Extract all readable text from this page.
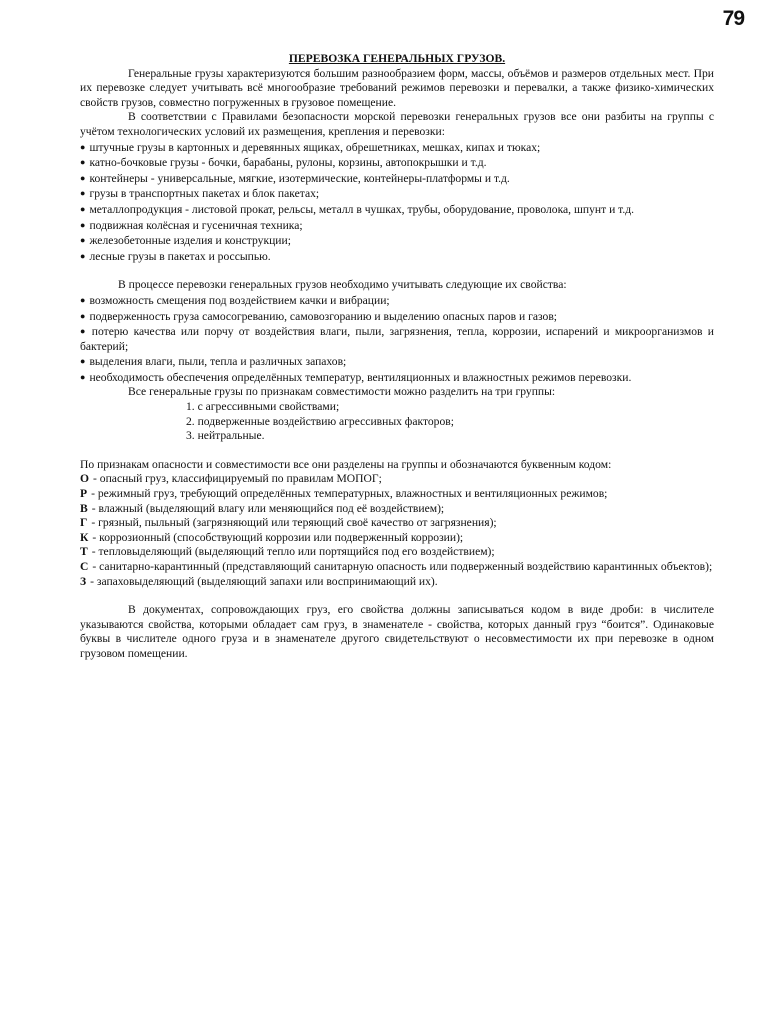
79

ПЕРЕВОЗКА ГЕНЕРАЛЬНЫХ ГРУЗОВ.

Генеральные грузы характеризуются большим разнообразием форм, массы, объёмов и размеров отдельных мест. При их перевозке следует учитывать всё многообразие требований режимов перевозки и перевалки, а также физико-химических свойств грузов, совместно погруженных в грузовое помещение.

В соответствии с Правилами безопасности морской перевозки генеральных грузов все они разбиты на группы с учётом технологических условий их размещения, крепления и перевозки:

● штучные грузы в картонных и деревянных ящиках, обрешетниках, мешках, кипах и тюках;
● катно-бочковые грузы - бочки, барабаны, рулоны, корзины, автопокрышки и т.д.
● контейнеры - универсальные, мягкие, изотермические, контейнеры-платформы и т.д.
● грузы в транспортных пакетах и блок пакетах;
● металлопродукция - листовой прокат, рельсы, металл в чушках, трубы, оборудование, проволока, шпунт и т.д.
● подвижная колёсная и гусеничная техника;
● железобетонные изделия и конструкции;
● лесные грузы в пакетах и россыпью.

В процессе перевозки генеральных грузов необходимо учитывать следующие их свойства:

● возможность смещения под воздействием качки и вибрации;
● подверженность груза самосогреванию, самовозгоранию и выделению опасных паров и газов;
● потерю качества или порчу от воздействия влаги, пыли, загрязнения, тепла, коррозии, испарений и микроорганизмов и бактерий;
● выделения влаги, пыли, тепла и различных запахов;
● необходимость обеспечения определённых температур, вентиляционных и влажностных режимов перевозки.

Все генеральные грузы по признакам совместимости можно разделить на три группы:

1. с агрессивными свойствами;
2. подверженные воздействию агрессивных факторов;
3. нейтральные.

По признакам опасности и совместимости все они разделены на группы и обозначаются буквенным кодом:

О - опасный груз, классифицируемый по правилам МОПОГ;

Р - режимный груз, требующий определённых температурных, влажностных и вентиляционных режимов;

В - влажный (выделяющий влагу или меняющийся под её воздействием);

Г - грязный, пыльный (загрязняющий или теряющий своё качество от загрязнения);

К - коррозионный (способствующий коррозии или подверженный коррозии);

Т - тепловыделяющий (выделяющий тепло или портящийся под его воздействием);

С - санитарно-карантинный (представляющий санитарную опасность или подверженный воздействию карантинных объектов);

З - запаховыделяющий (выделяющий запахи или воспринимающий их).

В документах, сопровождающих груз, его свойства должны записываться кодом в виде дроби: в числителе указываются свойства, которыми обладает сам груз, в знаменателе - свойства, которых данный груз “боится”. Одинаковые буквы в числителе одного груза и в знаменателе другого свидетельствуют о несовместимости их при перевозке в одном грузовом помещении.
